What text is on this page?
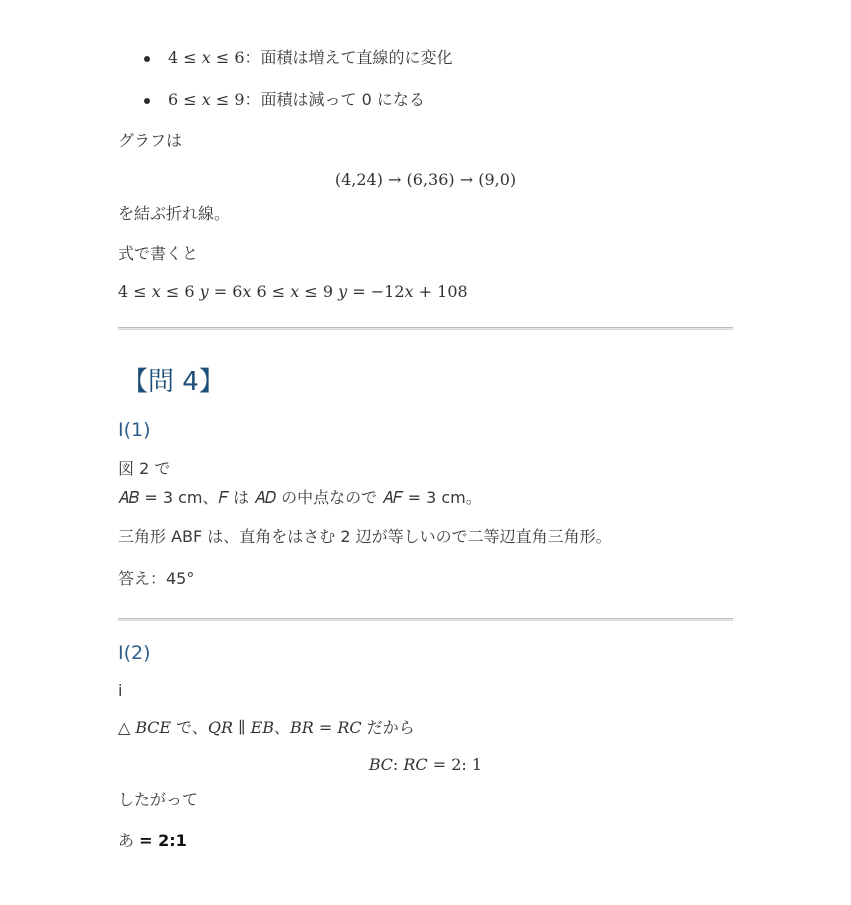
4 ≤ 𝑥 ≤ 6：面積は増えて直線的に変化
6 ≤ 𝑥 ≤ 9：面積は減って 0 になる
グラフは
(4,24) → (6,36) → (9,0)
を結ぶ折れ線。
式で書くと
4 ≤ 𝑥 ≤ 6 𝑦 = 6𝑥 6 ≤ 𝑥 ≤ 9 𝑦 = −12𝑥 + 108
【問 4】
Ⅰ(1)
図 2 で
𝐴𝐵 = 3 cm、𝐹 は 𝐴𝐷 の中点なので 𝐴𝐹 = 3 cm。
三角形 ABF は、直角をはさむ 2 辺が等しいので二等辺直角三角形。
答え：45°
Ⅰ(2)
i
△ 𝐵𝐶𝐸 で、𝑄𝑅 ∥ 𝐸𝐵、𝐵𝑅 = 𝑅𝐶 だから
𝐵𝐶: 𝑅𝐶 = 2: 1
したがって
あ = 2:1
